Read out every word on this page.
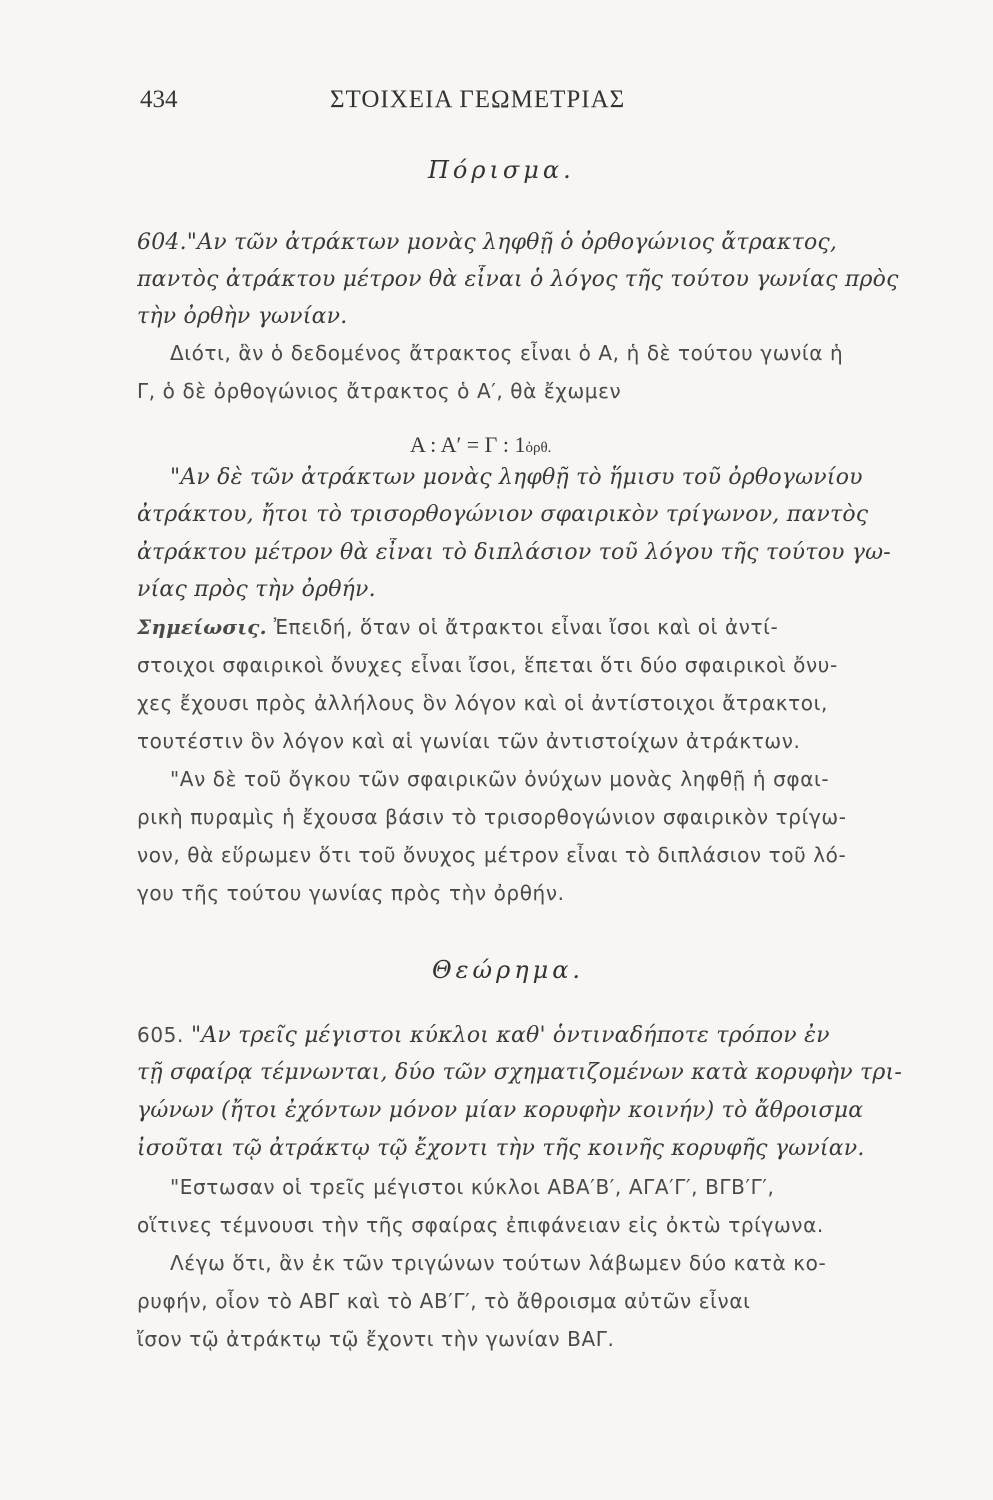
434	ΣΤΟΙΧΕΙΑ ΓΕΩΜΕΤΡΙΑΣ
Πόρισμα.
604."Αν τῶν ἀτράκτων μονὰς ληφθῇ ὁ ὀρθογώνιος ἄτρακτος,
παντὸς ἀτράκτου μέτρον θὰ εἶναι ὁ λόγος τῆς τούτου γωνίας πρὸς
τὴν ὀρθὴν γωνίαν.
Διότι, ἂν ὁ δεδομένος ἄτρακτος εἶναι ὁ Α, ἡ δὲ τούτου γωνία ἡ
Γ, ὁ δὲ ὀρθογώνιος ἄτρακτος ὁ Α′, θὰ ἔχωμεν
Α : Α′ = Γ : 1ὀρθ.
"Αν δὲ τῶν ἀτράκτων μονὰς ληφθῇ τὸ ἥμισυ τοῦ ὀρθογωνίου
ἀτράκτου, ἤτοι τὸ τρισορθογώνιον σφαιρικὸν τρίγωνον, παντὸς
ἀτράκτου μέτρον θὰ εἶναι τὸ διπλάσιον τοῦ λόγου τῆς τούτου γω-
νίας πρὸς τὴν ὀρθήν.
Σημείωσις. Ἐπειδή, ὅταν οἱ ἄτρακτοι εἶναι ἴσοι καὶ οἱ ἀντί-
στοιχοι σφαιρικοὶ ὄνυχες εἶναι ἴσοι, ἕπεται ὅτι δύο σφαιρικοὶ ὄνυ-
χες ἔχουσι πρὸς ἀλλήλους ὃν λόγον καὶ οἱ ἀντίστοιχοι ἄτρακτοι,
τουτέστιν ὃν λόγον καὶ αἱ γωνίαι τῶν ἀντιστοίχων ἀτράκτων.
"Αν δὲ τοῦ ὄγκου τῶν σφαιρικῶν ὀνύχων μονὰς ληφθῇ ἡ σφαι-
ρικὴ πυραμὶς ἡ ἔχουσα βάσιν τὸ τρισορθογώνιον σφαιρικὸν τρίγω-
νον, θὰ εὕρωμεν ὅτι τοῦ ὄνυχος μέτρον εἶναι τὸ διπλάσιον τοῦ λό-
γου τῆς τούτου γωνίας πρὸς τὴν ὀρθήν.
Θεώρημα.
605. "Αν τρεῖς μέγιστοι κύκλοι καθ' ὁντιναδήποτε τρόπον ἐν
τῇ σφαίρᾳ τέμνωνται, δύο τῶν σχηματιζομένων κατὰ κορυφὴν τρι-
γώνων (ἤτοι ἐχόντων μόνον μίαν κορυφὴν κοινήν) τὸ ἄθροισμα
ἰσοῦται τῷ ἀτράκτῳ τῷ ἔχοντι τὴν τῆς κοινῆς κορυφῆς γωνίαν.
"Εστωσαν οἱ τρεῖς μέγιστοι κύκλοι ΑΒΑ′Β′, ΑΓΑ′Γ′, ΒΓΒ′Γ′,
οἵτινες τέμνουσι τὴν τῆς σφαίρας ἐπιφάνειαν εἰς ὀκτὼ τρίγωνα.
Λέγω ὅτι, ἂν ἐκ τῶν τριγώνων τούτων λάβωμεν δύο κατὰ κο-
ρυφήν, οἷον τὸ ΑΒΓ καὶ τὸ ΑΒ′Γ′, τὸ ἄθροισμα αὐτῶν εἶναι
ἴσον τῷ ἀτράκτῳ τῷ ἔχοντι τὴν γωνίαν ΒΑΓ.
